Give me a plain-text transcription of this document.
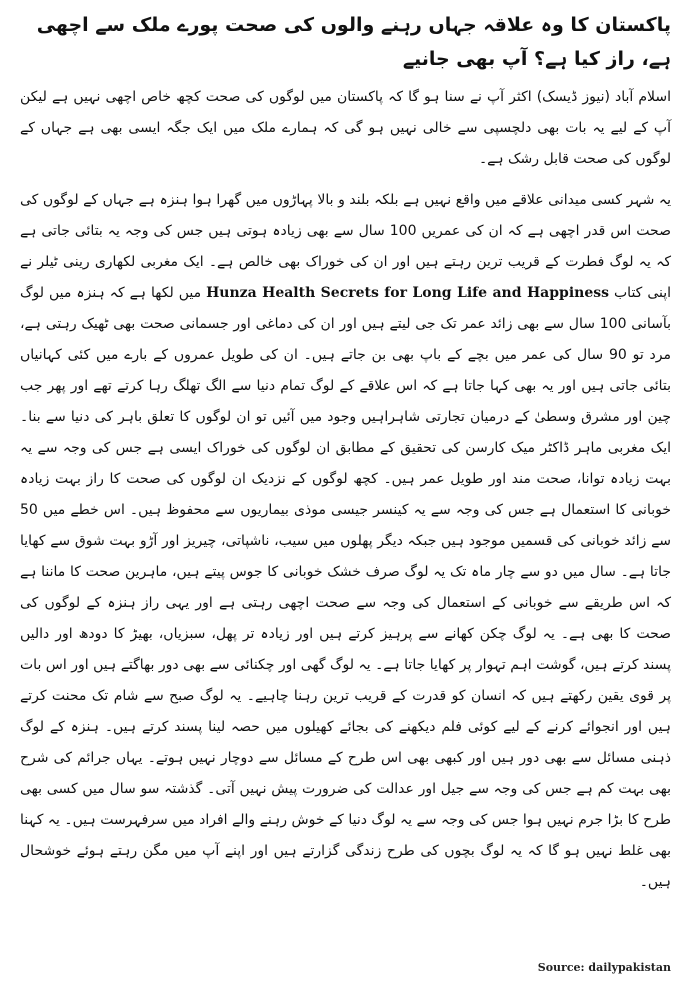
پاکستان کا وہ علاقہ جہاں رہنے والوں کی صحت پورے ملک سے اچھی ہے، راز کیا ہے؟ آپ بھی جانیے

اسلام آباد (نیوز ڈیسک) اکثر آپ نے سنا ہو گا کہ پاکستان میں لوگوں کی صحت کچھ خاص اچھی نہیں ہے لیکن آپ کے لیے یہ بات بھی دلچسپی سے خالی نہیں ہو گی کہ ہمارے ملک میں ایک جگہ ایسی بھی ہے جہاں کے لوگوں کی صحت قابل رشک ہے۔

یہ شہر کسی میدانی علاقے میں واقع نہیں ہے بلکہ بلند و بالا پہاڑوں میں گھرا ہوا ہنزہ ہے جہاں کے لوگوں کی صحت اس قدر اچھی ہے کہ ان کی عمریں 100 سال سے بھی زیادہ ہوتی ہیں جس کی وجہ یہ بتائی جاتی ہے کہ یہ لوگ فطرت کے قریب ترین رہتے ہیں اور ان کی خوراک بھی خالص ہے۔ ایک مغربی لکھاری رینی ٹیلر نے اپنی کتاب Hunza Health Secrets for Long Life and Happiness میں لکھا ہے کہ ہنزہ میں لوگ بآسانی 100 سال سے بھی زائد عمر تک جی لیتے ہیں اور ان کی دماغی اور جسمانی صحت بھی ٹھیک رہتی ہے، مرد تو 90 سال کی عمر میں بچے کے باپ بھی بن جاتے ہیں۔ ان کی طویل عمروں کے بارے میں کئی کہانیاں بتائی جاتی ہیں اور یہ بھی کہا جاتا ہے کہ اس علاقے کے لوگ تمام دنیا سے الگ تھلگ رہا کرتے تھے اور پھر جب چین اور مشرق وسطیٰ کے درمیان تجارتی شاہراہیں وجود میں آئیں تو ان لوگوں کا تعلق باہر کی دنیا سے بنا۔ ایک مغربی ماہر ڈاکٹر میک کارسن کی تحقیق کے مطابق ان لوگوں کی خوراک ایسی ہے جس کی وجہ سے یہ بہت زیادہ توانا، صحت مند اور طویل عمر ہیں۔ کچھ لوگوں کے نزدیک ان لوگوں کی صحت کا راز بہت زیادہ خوبانی کا استعمال ہے جس کی وجہ سے یہ کینسر جیسی موذی بیماریوں سے محفوظ ہیں۔ اس خطے میں 50 سے زائد خوبانی کی قسمیں موجود ہیں جبکہ دیگر پھلوں میں سیب، ناشپاتی، چیریز اور آڑو بہت شوق سے کھایا جاتا ہے۔ سال میں دو سے چار ماہ تک یہ لوگ صرف خشک خوبانی کا جوس پیتے ہیں، ماہرین صحت کا ماننا ہے کہ اس طریقے سے خوبانی کے استعمال کی وجہ سے صحت اچھی رہتی ہے اور یہی راز ہنزہ کے لوگوں کی صحت کا بھی ہے۔ یہ لوگ چکن کھانے سے پرہیز کرتے ہیں اور زیادہ تر پھل، سبزیاں، بھیڑ کا دودھ اور دالیں پسند کرتے ہیں، گوشت اہم تہوار پر کھایا جاتا ہے۔ یہ لوگ گھی اور چکنائی سے بھی دور بھاگتے ہیں اور اس بات پر قوی یقین رکھتے ہیں کہ انسان کو قدرت کے قریب ترین رہنا چاہیے۔ یہ لوگ صبح سے شام تک محنت کرتے ہیں اور انجوائے کرنے کے لیے کوئی فلم دیکھنے کی بجائے کھیلوں میں حصہ لینا پسند کرتے ہیں۔ ہنزہ کے لوگ ذہنی مسائل سے بھی دور ہیں اور کبھی بھی اس طرح کے مسائل سے دوچار نہیں ہوتے۔ یہاں جرائم کی شرح بھی بہت کم ہے جس کی وجہ سے جیل اور عدالت کی ضرورت پیش نہیں آتی۔ گذشتہ سو سال میں کسی بھی طرح کا بڑا جرم نہیں ہوا جس کی وجہ سے یہ لوگ دنیا کے خوش رہنے والے افراد میں سرفہرست ہیں۔ یہ کہنا بھی غلط نہیں ہو گا کہ یہ لوگ بچوں کی طرح زندگی گزارتے ہیں اور اپنے آپ میں مگن رہتے ہوئے خوشحال ہیں۔

Source: dailypakistan
